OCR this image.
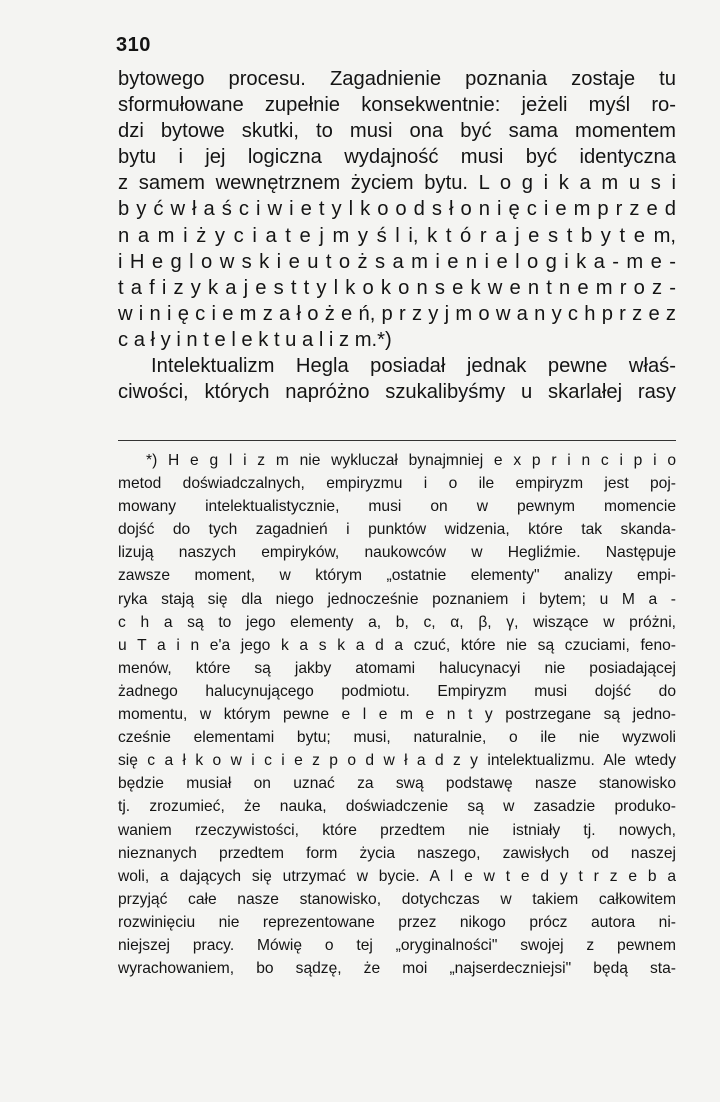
310
bytowego procesu. Zagadnienie poznania zostaje tu
sformułowane zupełnie konsekwentnie: jeżeli myśl ro-
dzi bytowe skutki, to musi ona być sama momentem
bytu i jej logiczna wydajność musi być identyczna
z samem wewnętrznem życiem bytu. L o g i k a m u s i
b y ć w ł a ś c i w i e t y l k o o d s ł o n i ę c i e m p r z e d
n a m i ż y c i a t e j m y ś l i, k t ó r a j e s t b y t e m,
i H e g l o w s k i e u t o ż s a m i e n i e l o g i k a - m e -
t a f i z y k a j e s t t y l k o k o n s e k w e n t n e m r o z -
w i n i ę c i e m z a ł o ż e ń, p r z y j m o w a n y c h p r z e z
c a ł y i n t e l e k t u a l i z m.*)
Intelektualizm Hegla posiadał jednak pewne właś-
ciwości, których napróżno szukalibyśmy u skarlałej rasy
*) H e g l i z m nie wykluczał bynajmniej e x p r i n c i p i o
metod doświadczalnych, empiryzmu i o ile empiryzm jest poj-
mowany intelektualistycznie, musi on w pewnym momencie
dojść do tych zagadnień i punktów widzenia, które tak skanda-
lizują naszych empiryków, naukowców w Hegliźmie. Następuje
zawsze moment, w którym „ostatnie elementy" analizy empi-
ryka stają się dla niego jednocześnie poznaniem i bytem; u M a -
c h a są to jego elementy a, b, c, α, β, γ, wiszące w próżni,
u T a i n e'a jego k a s k a d a czuć, które nie są czuciami, feno-
menów, które są jakby atomami halucynacyi nie posiadającej
żadnego halucynującego podmiotu. Empiryzm musi dojść do
momentu, w którym pewne e l e m e n t y postrzegane są jedno-
cześnie elementami bytu; musi, naturalnie, o ile nie wyzwoli
się c a ł k o w i c i e z p o d w ł a d z y intelektualizmu. Ale wtedy
będzie musiał on uznać za swą podstawę nasze stanowisko
tj. zrozumieć, że nauka, doświadczenie są w zasadzie produko-
waniem rzeczywistości, które przedtem nie istniały tj. nowych,
nieznanych przedtem form życia naszego, zawisłych od naszej
woli, a dających się utrzymać w bycie. A l e w t e d y t r z e b a
przyjąć całe nasze stanowisko, dotychczas w takiem całkowitem
rozwinięciu nie reprezentowane przez nikogo prócz autora ni-
niejszej pracy. Mówię o tej „oryginalności" swojej z pewnem
wyrachowaniem, bo sądzę, że moi „najserdeczniejsi" będą sta-
